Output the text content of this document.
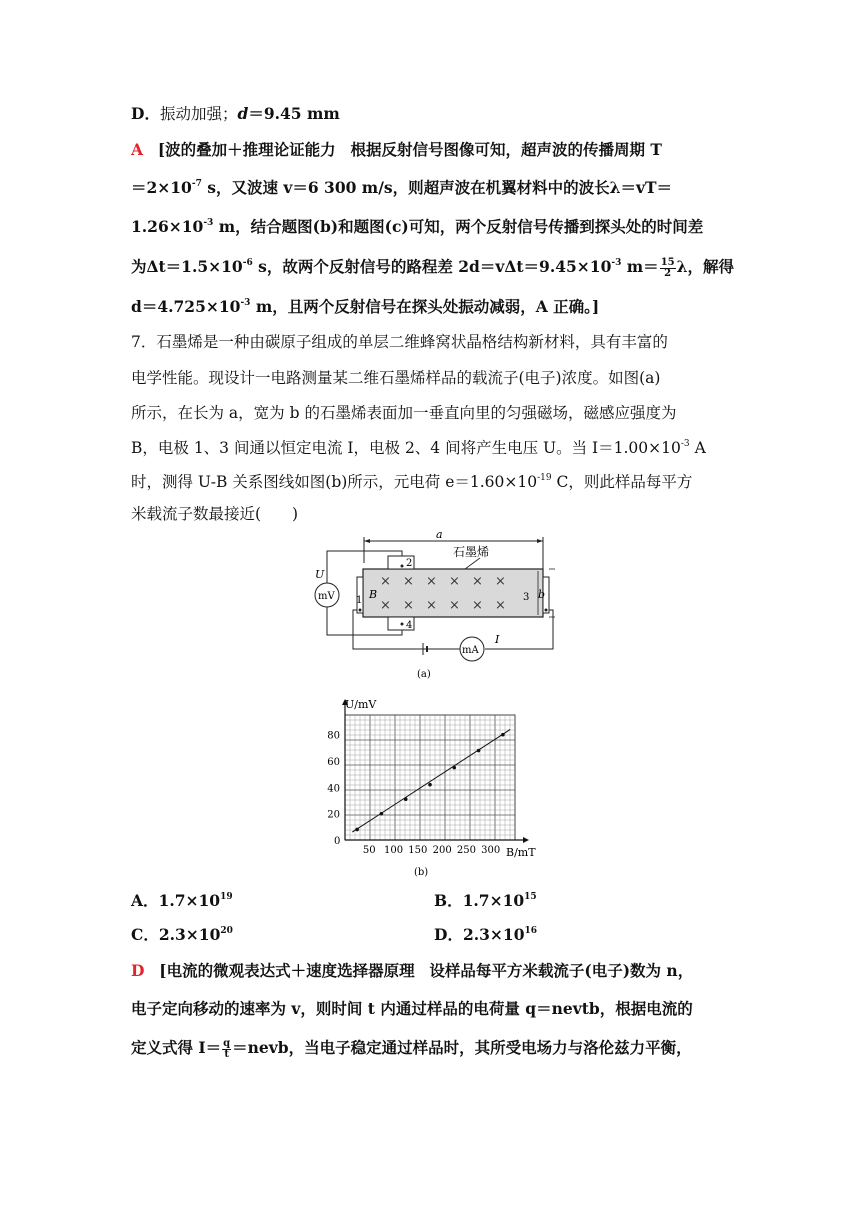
D．振动加强；d＝9.45 mm
A [波的叠加＋推理论证能力 根据反射信号图像可知，超声波的传播周期 T
$=2\times 10^{-7}$ s，又波速 v＝6 300 m/s，则超声波在机翼材料中的波长λ＝vT＝
$1.26\times 10^{-3}$ m，结合题图(b)和题图(c)可知，两个反射信号传播到探头处的时间差
为$\Delta t=1.5\times 10^{-6}$ s，故两个反射信号的路程差 $2d=v\Delta t=9.45\times 10^{-3}$ $m= \frac{15}{2}$ λ，解得
$d=4.725\times 10^{-3}$ m，且两个反射信号在探头处振动减弱，A 正确。]
7．石墨烯是一种由碳原子组成的单层二维蜂窝状晶格结构新材料，具有丰富的
电学性能。现设计一电路测量某二维石墨烯样品的载流子(电子)浓度。如图(a)
所示，在长为 a，宽为 b 的石墨烯表面加一垂直向里的匀强磁场，磁感应强度为
B，电极 1、3 间通以恒定电流 I，电极 2、4 间将产生电压 U。当 $I=1.00\times 10^{-3}$ A
时，测得 U-B 关系图线如图(b)所示，元电荷 $e=1.60\times 10^{-19}$ C，则此样品每平方
米载流子数最接近(　　)
a
石墨烯
× × × × × ×
× × × × × ×
B
1	3
2
4
b
mV
U
mA
I
(a)
0
50 100 150 200 250 300
20
40
60
80
U/mV
B/mT
(b)
A．$1.7\times 10^{19}$	B．$1.7\times 10^{15}$
C．$2.3\times 10^{20}$	D．$2.3\times 10^{16}$
D [电流的微观表达式＋速度选择器原理 设样品每平方米载流子(电子)数为 n，
电子定向移动的速率为 v，则时间 t 内通过样品的电荷量 q＝nevtb，根据电流的
定义式得 $I= \frac{q}{t}$ ＝nevb，当电子稳定通过样品时，其所受电场力与洛伦兹力平衡，
